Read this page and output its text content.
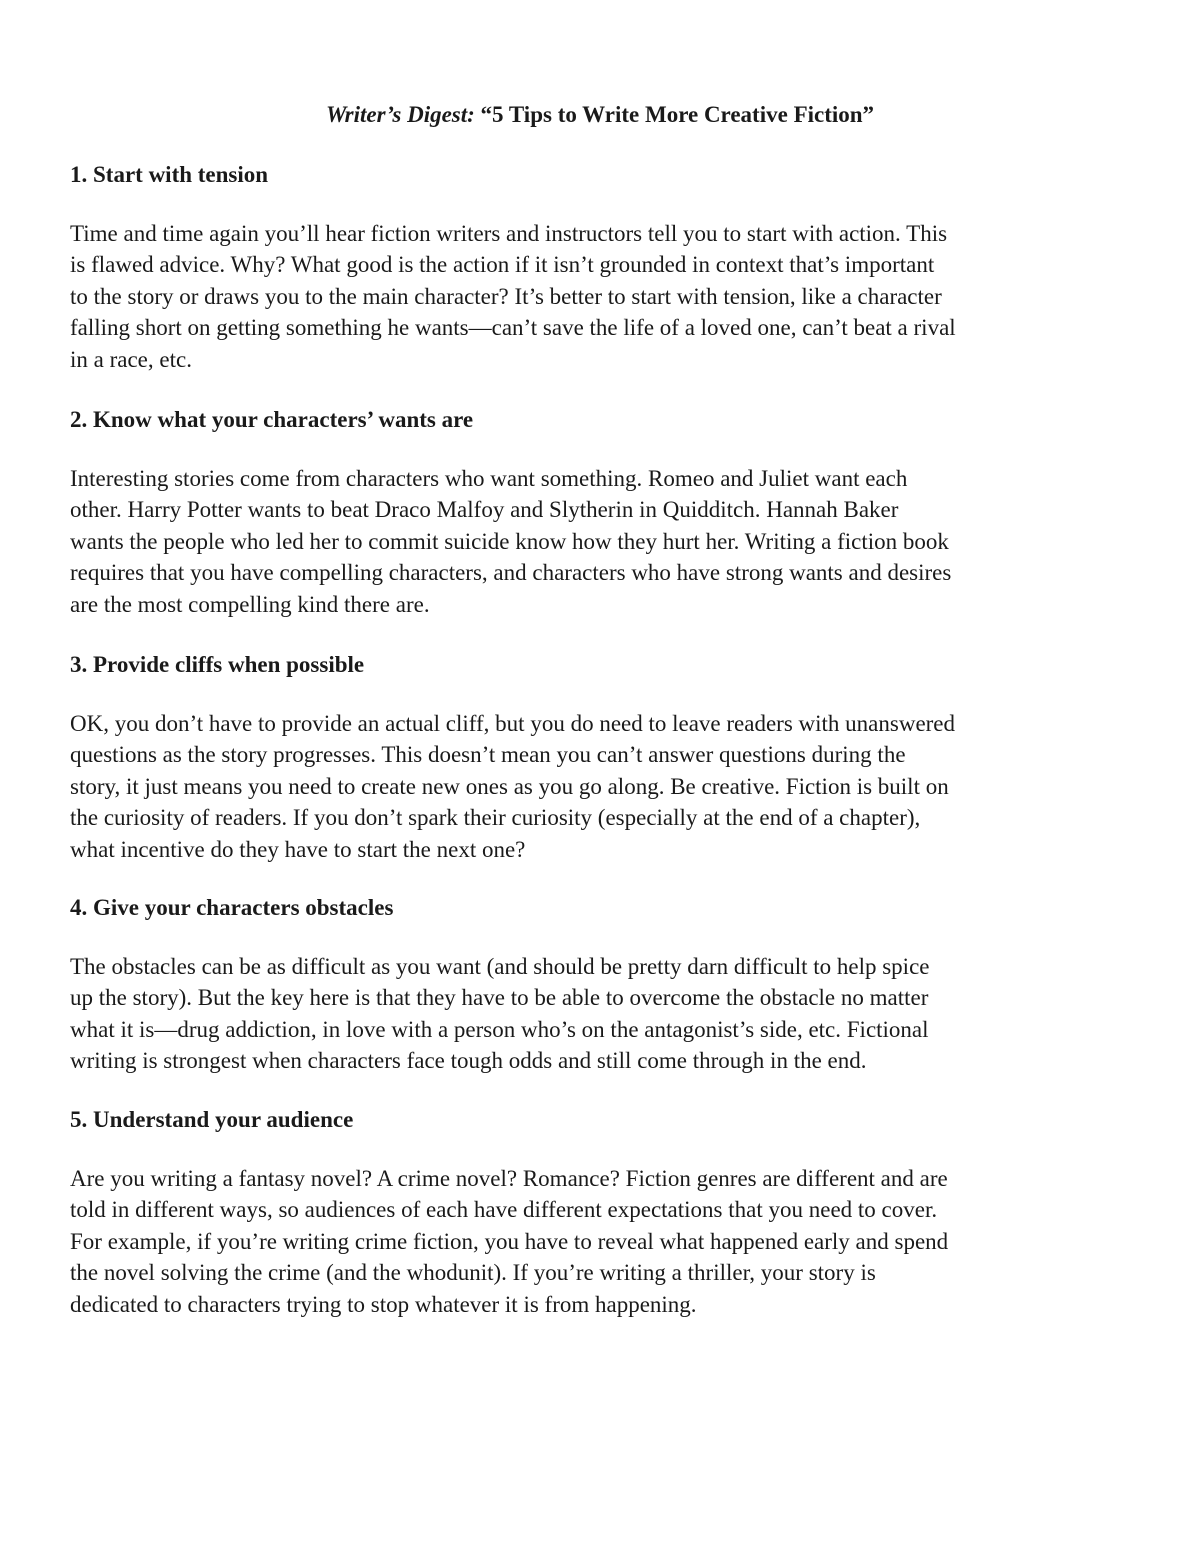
Writer’s Digest: “5 Tips to Write More Creative Fiction”
1. Start with tension
Time and time again you’ll hear fiction writers and instructors tell you to start with action. This
is flawed advice. Why? What good is the action if it isn’t grounded in context that’s important
to the story or draws you to the main character? It’s better to start with tension, like a character
falling short on getting something he wants—can’t save the life of a loved one, can’t beat a rival
in a race, etc.
2. Know what your characters’ wants are
Interesting stories come from characters who want something. Romeo and Juliet want each
other. Harry Potter wants to beat Draco Malfoy and Slytherin in Quidditch. Hannah Baker
wants the people who led her to commit suicide know how they hurt her. Writing a fiction book
requires that you have compelling characters, and characters who have strong wants and desires
are the most compelling kind there are.
3. Provide cliffs when possible
OK, you don’t have to provide an actual cliff, but you do need to leave readers with unanswered
questions as the story progresses. This doesn’t mean you can’t answer questions during the
story, it just means you need to create new ones as you go along. Be creative. Fiction is built on
the curiosity of readers. If you don’t spark their curiosity (especially at the end of a chapter),
what incentive do they have to start the next one?
4. Give your characters obstacles
The obstacles can be as difficult as you want (and should be pretty darn difficult to help spice
up the story). But the key here is that they have to be able to overcome the obstacle no matter
what it is—drug addiction, in love with a person who’s on the antagonist’s side, etc. Fictional
writing is strongest when characters face tough odds and still come through in the end.
5. Understand your audience
Are you writing a fantasy novel? A crime novel? Romance? Fiction genres are different and are
told in different ways, so audiences of each have different expectations that you need to cover.
For example, if you’re writing crime fiction, you have to reveal what happened early and spend
the novel solving the crime (and the whodunit). If you’re writing a thriller, your story is
dedicated to characters trying to stop whatever it is from happening.
